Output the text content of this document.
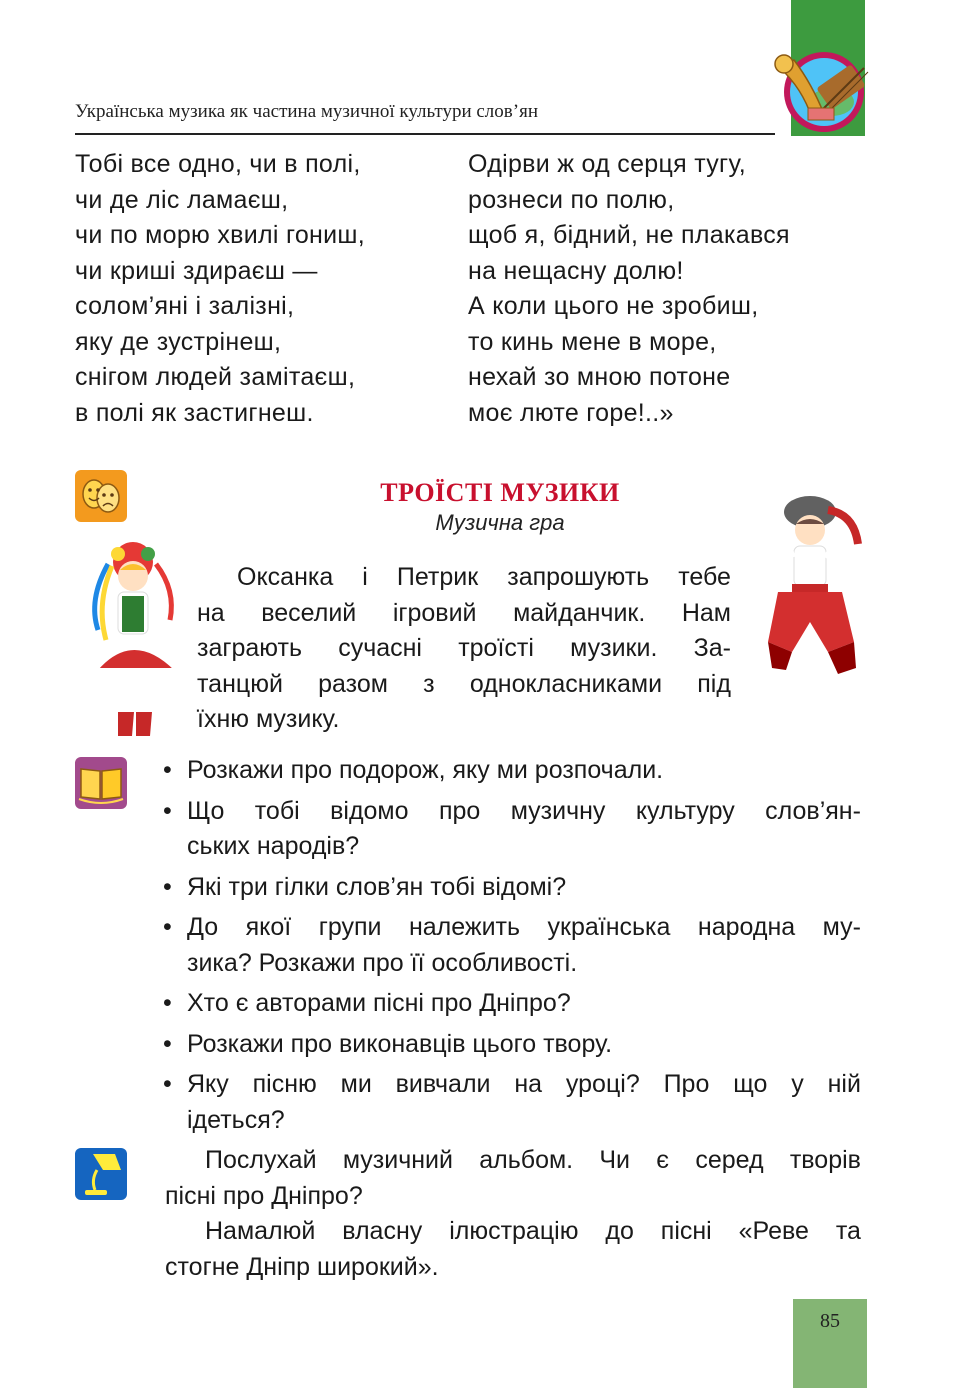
Українська музика як частина музичної культури слов’ян
Тобі все одно, чи в полі,
чи де ліс ламаєш,
чи по морю хвилі гониш,
чи криші здираєш —
солом’яні і залізні,
яку де зустрінеш,
снігом людей замітаєш,
в полі як застигнеш.
Одірви ж од серця тугу,
рознеси по полю,
щоб я, бідний, не плакався
на нещасну долю!
А коли цього не зробиш,
то кинь мене в море,
нехай зо мною потоне
моє люте горе!..»
ТРОЇСТІ МУЗИКИ
Музична гра
Оксанка і Петрик запрошують тебе
на веселий ігровий майданчик. Нам
заграють сучасні троїсті музики. За-
танцюй разом з однокласниками під
їхню музику.
• Розкажи про подорож, яку ми розпочали.
• Що тобі відомо про музичну культуру слов’ян-
ських народів?
• Які три гілки слов’ян тобі відомі?
• До якої групи належить українська народна му-
зика? Розкажи про її особливості.
• Хто є авторами пісні про Дніпро?
• Розкажи про виконавців цього твору.
• Яку пісню ми вивчали на уроці? Про що у ній
ідеться?
Послухай музичний альбом. Чи є серед творів
пісні про Дніпро?
Намалюй власну ілюстрацію до пісні «Реве та
стогне Дніпр широкий».
85
